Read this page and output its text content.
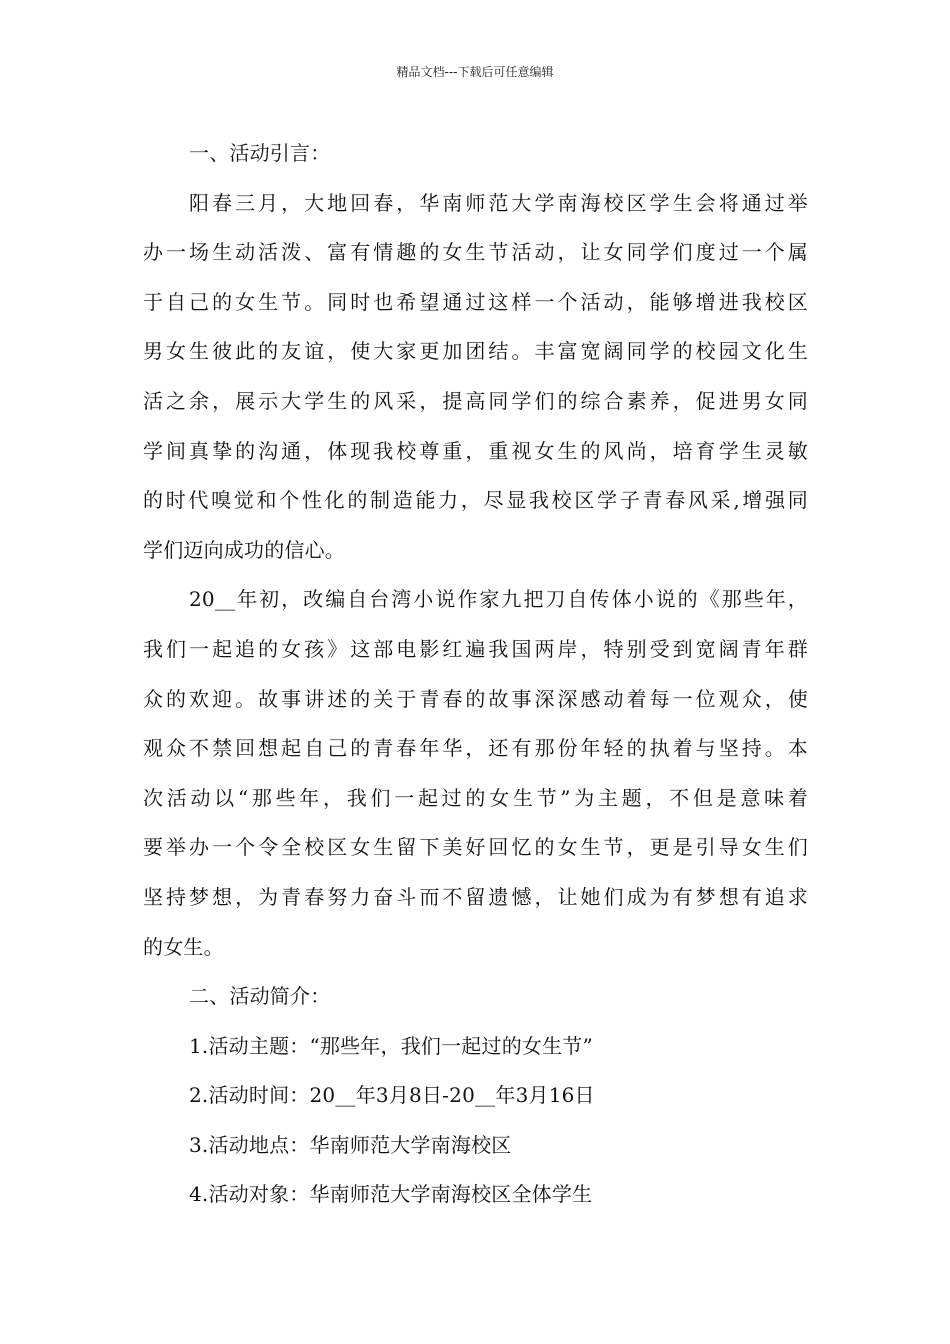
精品文档---下载后可任意编辑
一、活动引言：
阳春三月，大地回春，华南师范大学南海校区学生会将通过举
办一场生动活泼、富有情趣的女生节活动，让女同学们度过一个属
于自己的女生节。同时也希望通过这样一个活动，能够增进我校区
男女生彼此的友谊，使大家更加团结。丰富宽阔同学的校园文化生
活之余，展示大学生的风采，提高同学们的综合素养，促进男女同
学间真挚的沟通，体现我校尊重，重视女生的风尚，培育学生灵敏
的时代嗅觉和个性化的制造能力，尽显我校区学子青春风采,增强同
学们迈向成功的信心。
20__年初，改编自台湾小说作家九把刀自传体小说的《那些年，
我们一起追的女孩》这部电影红遍我国两岸，特别受到宽阔青年群
众的欢迎。故事讲述的关于青春的故事深深感动着每一位观众，使
观众不禁回想起自己的青春年华，还有那份年轻的执着与坚持。本
次活动以“那些年，我们一起过的女生节”为主题，不但是意味着
要举办一个令全校区女生留下美好回忆的女生节，更是引导女生们
坚持梦想，为青春努力奋斗而不留遗憾，让她们成为有梦想有追求
的女生。
二、活动简介：
1.活动主题：“那些年，我们一起过的女生节”
2.活动时间：20__年3月8日-20__年3月16日
3.活动地点：华南师范大学南海校区
4.活动对象：华南师范大学南海校区全体学生
